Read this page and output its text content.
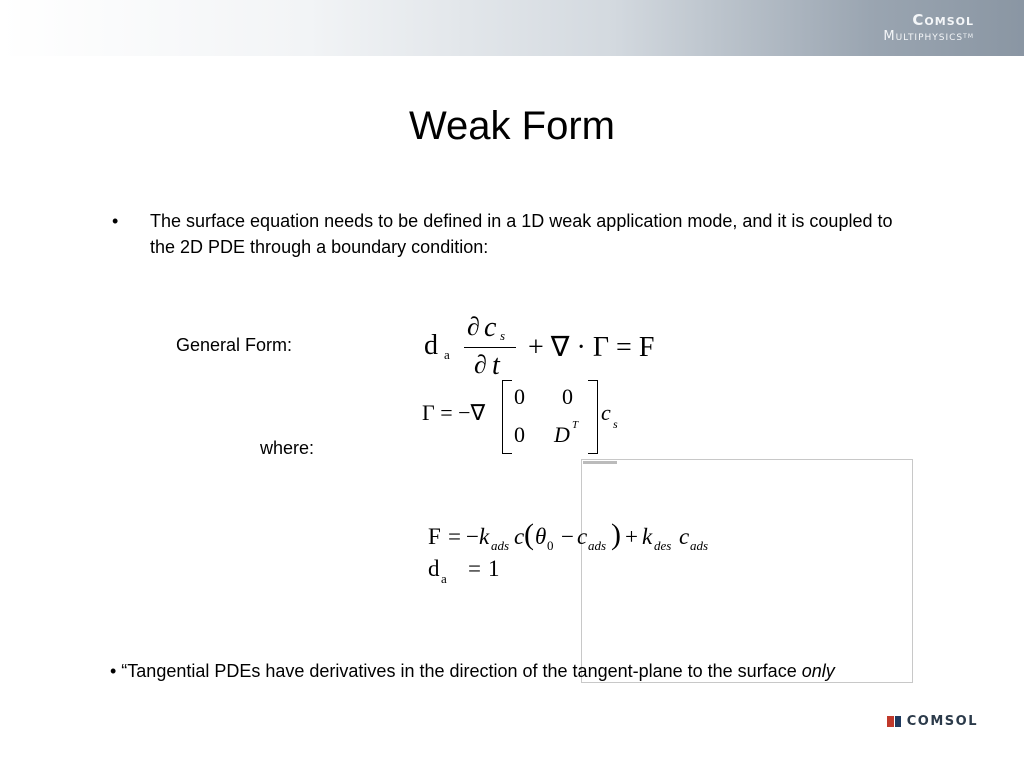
Comsol
Multiphysics™
Weak Form
• The surface equation needs to be defined in a 1D weak application mode, and it is coupled to the 2D PDE through a boundary condition:
General Form:
where:
d a
∂ c s
∂ t
+ ∇ · Γ = F
Γ = −∇
0 0
0 D T c s
F = − k ads c ( θ 0 − c ads ) + k des c ads
d a = 1
• “Tangential PDEs have derivatives in the direction of the tangent-plane to the surface only
COMSOL
